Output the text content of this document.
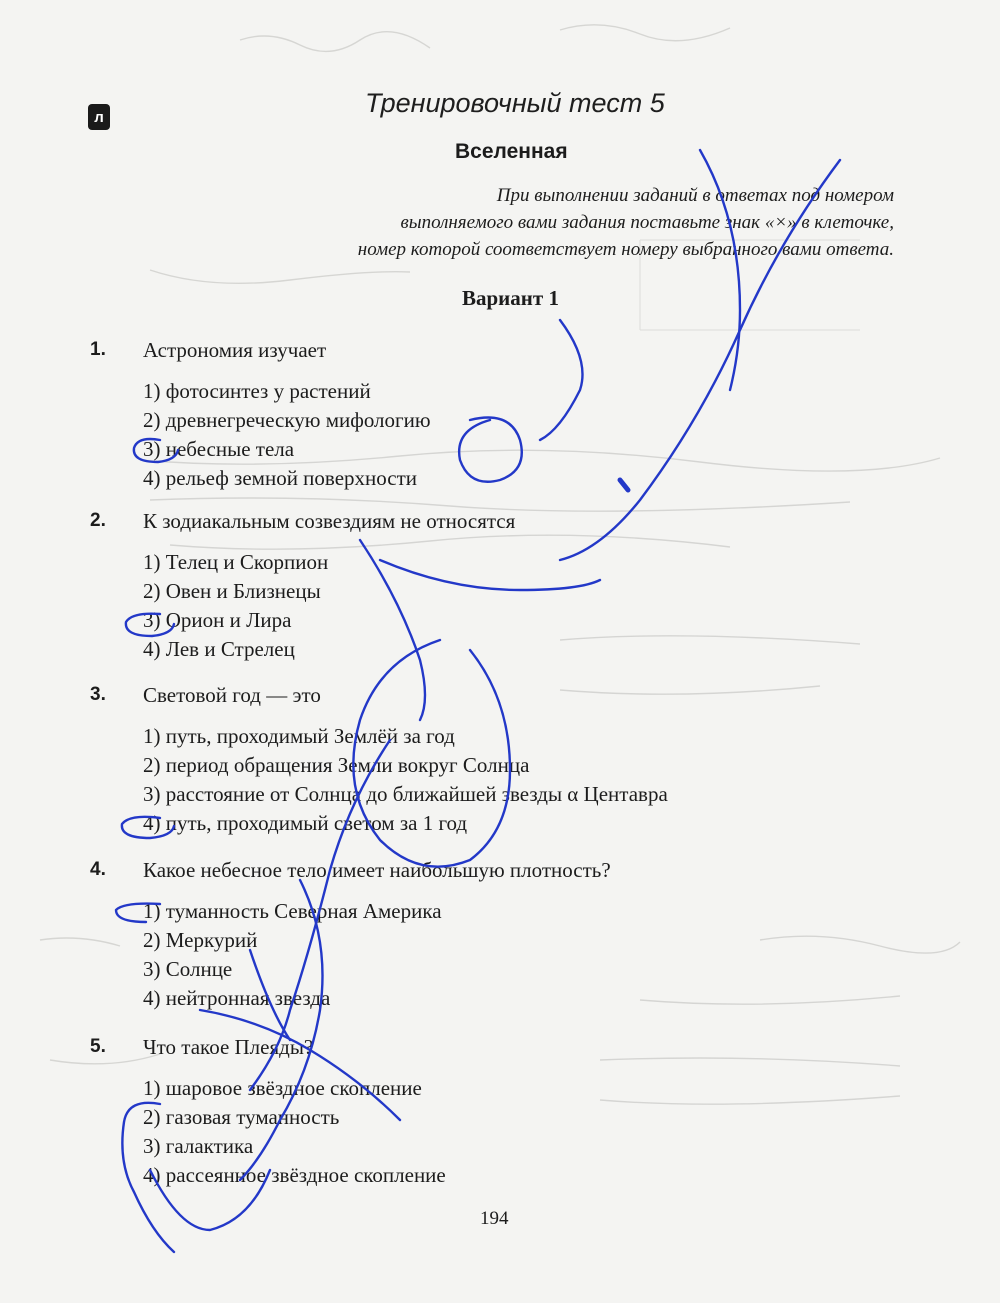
л	Тренировочный тест 5
Вселенная
При выполнении заданий в ответах под номером
выполняемого вами задания поставьте знак «×» в клеточке,
номер которой соответствует номеру выбранного вами ответа.
Вариант 1
1.	Астрономия изучает
1) фотосинтез у растений
2) древнегреческую мифологию
3) небесные тела
4) рельеф земной поверхности
2.	К зодиакальным созвездиям не относятся
1) Телец и Скорпион
2) Овен и Близнецы
3) Орион и Лира
4) Лев и Стрелец
3.	Световой год — это
1) путь, проходимый Землёй за год
2) период обращения Земли вокруг Солнца
3) расстояние от Солнца до ближайшей звезды α Центавра
4) путь, проходимый светом за 1 год
4.	Какое небесное тело имеет наибольшую плотность?
1) туманность Северная Америка
2) Меркурий
3) Солнце
4) нейтронная звезда
5.	Что такое Плеяды?
1) шаровое звёздное скопление
2) газовая туманность
3) галактика
4) рассеянное звёздное скопление
194
